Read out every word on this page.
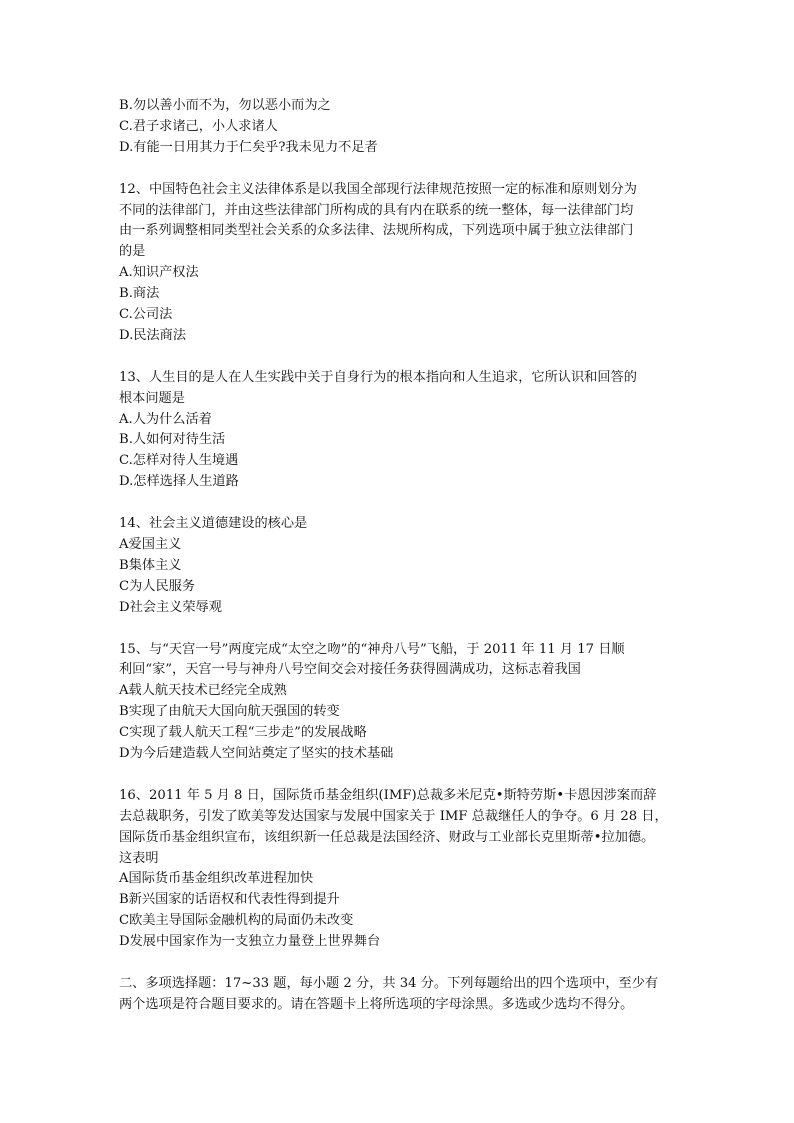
B.勿以善小而不为，勿以恶小而为之
C.君子求诸己，小人求诸人
D.有能一日用其力于仁矣乎?我未见力不足者
12、中国特色社会主义法律体系是以我国全部现行法律规范按照一定的标准和原则划分为
不同的法律部门，并由这些法律部门所构成的具有内在联系的统一整体，每一法律部门均
由一系列调整相同类型社会关系的众多法律、法规所构成，下列选项中属于独立法律部门
的是
A.知识产权法
B.商法
C.公司法
D.民法商法
13、人生目的是人在人生实践中关于自身行为的根本指向和人生追求，它所认识和回答的
根本问题是
A.人为什么活着
B.人如何对待生活
C.怎样对待人生境遇
D.怎样选择人生道路
14、社会主义道德建设的核心是
A爱国主义
B集体主义
C为人民服务
D社会主义荣辱观
15、与“天宫一号”两度完成“太空之吻”的“神舟八号”飞船，于 2011 年 11 月 17 日顺
利回“家”，天宫一号与神舟八号空间交会对接任务获得圆满成功，这标志着我国
A载人航天技术已经完全成熟
B实现了由航天大国向航天强国的转变
C实现了载人航天工程“三步走”的发展战略
D为今后建造载人空间站奠定了坚实的技术基础
16、2011 年 5 月 8 日，国际货币基金组织(IMF)总裁多米尼克•斯特劳斯•卡恩因涉案而辞
去总裁职务，引发了欧美等发达国家与发展中国家关于 IMF 总裁继任人的争夺。6 月 28 日，
国际货币基金组织宣布，该组织新一任总裁是法国经济、财政与工业部长克里斯蒂•拉加德。
这表明
A国际货币基金组织改革进程加快
B新兴国家的话语权和代表性得到提升
C欧美主导国际金融机构的局面仍未改变
D发展中国家作为一支独立力量登上世界舞台
二、多项选择题：17~33 题，每小题 2 分，共 34 分。下列每题给出的四个选项中，至少有
两个选项是符合题目要求的。请在答题卡上将所选项的字母涂黑。多选或少选均不得分。
